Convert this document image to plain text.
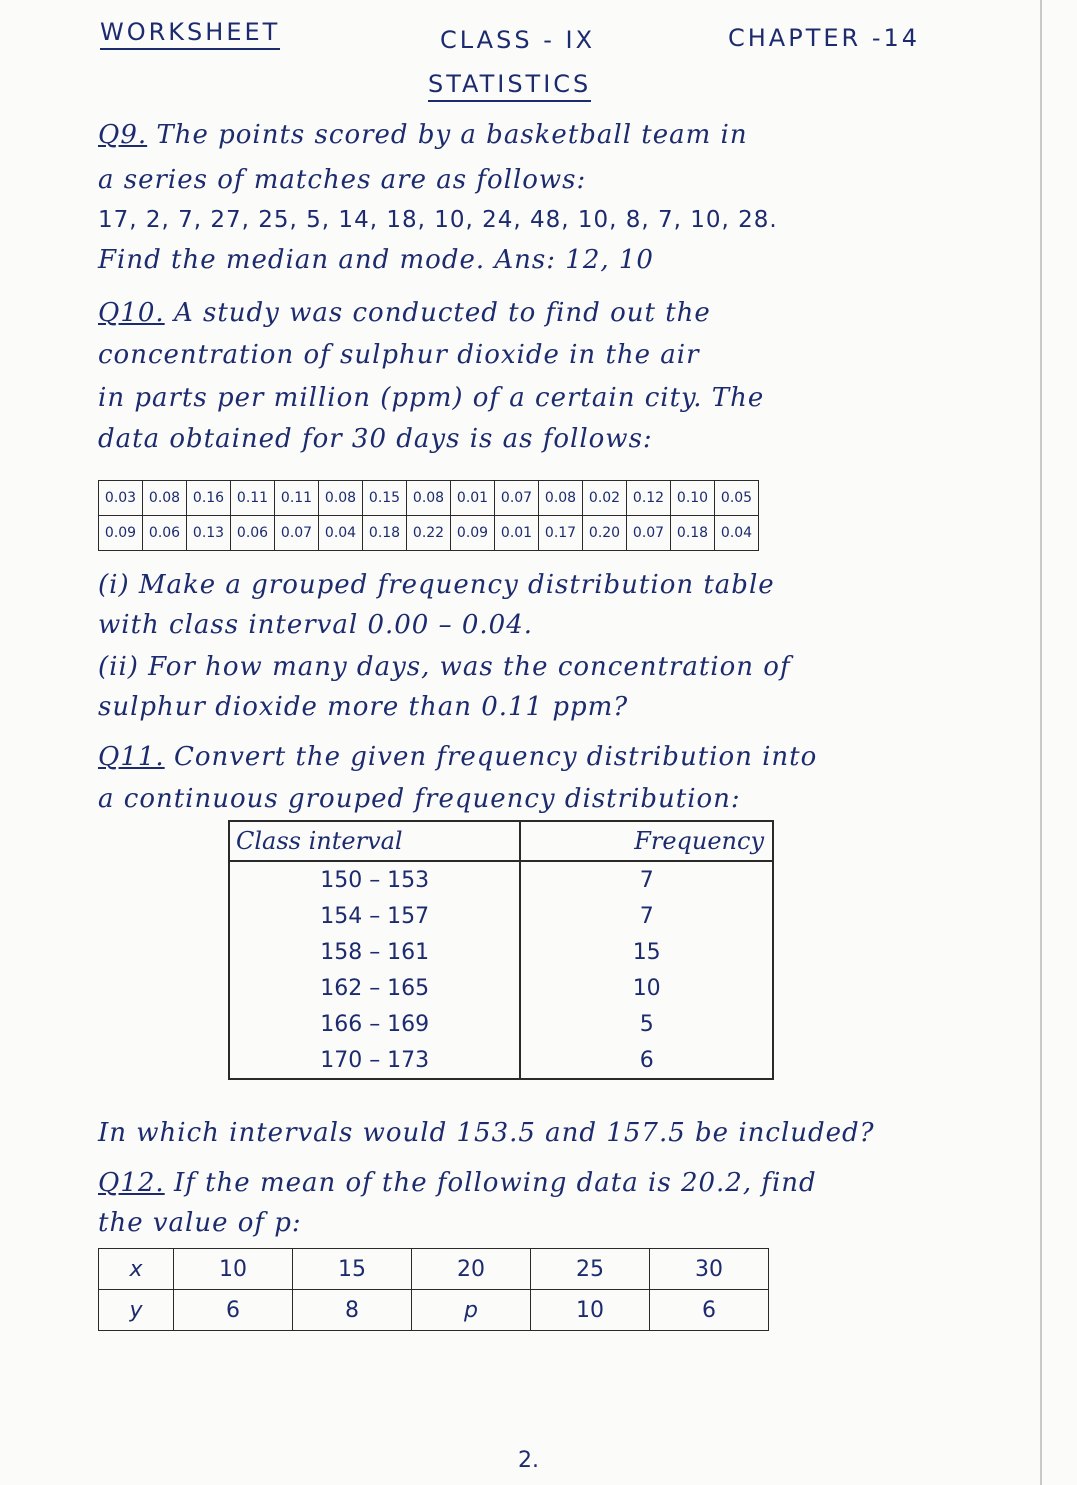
WORKSHEET	CLASS - IX	CHAPTER -14
STATISTICS
Q9. The points scored by a basketball team in
a series of matches are as follows:
17, 2, 7, 27, 25, 5, 14, 18, 10, 24, 48, 10, 8, 7, 10, 28.
Find the median and mode. Ans: 12, 10
Q10. A study was conducted to find out the
concentration of sulphur dioxide in the air
in parts per million (ppm) of a certain city. The
data obtained for 30 days is as follows:
0.03	0.08	0.16	0.11	0.11	0.08	0.15	0.08	0.01	0.07	0.08	0.02	0.12	0.10	0.05
0.09	0.06	0.13	0.06	0.07	0.04	0.18	0.22	0.09	0.01	0.17	0.20	0.07	0.18	0.04
(i) Make a grouped frequency distribution table
with class interval 0.00 – 0.04.
(ii) For how many days, was the concentration of
sulphur dioxide more than 0.11 ppm?
Q11. Convert the given frequency distribution into
a continuous grouped frequency distribution:
Class interval	Frequency
150 – 153	7
154 – 157	7
158 – 161	15
162 – 165	10
166 – 169	5
170 – 173	6
In which intervals would 153.5 and 157.5 be included?
Q12. If the mean of the following data is 20.2, find
the value of p:
x	10	15	20	25	30
y	6	8	p	10	6
2.
